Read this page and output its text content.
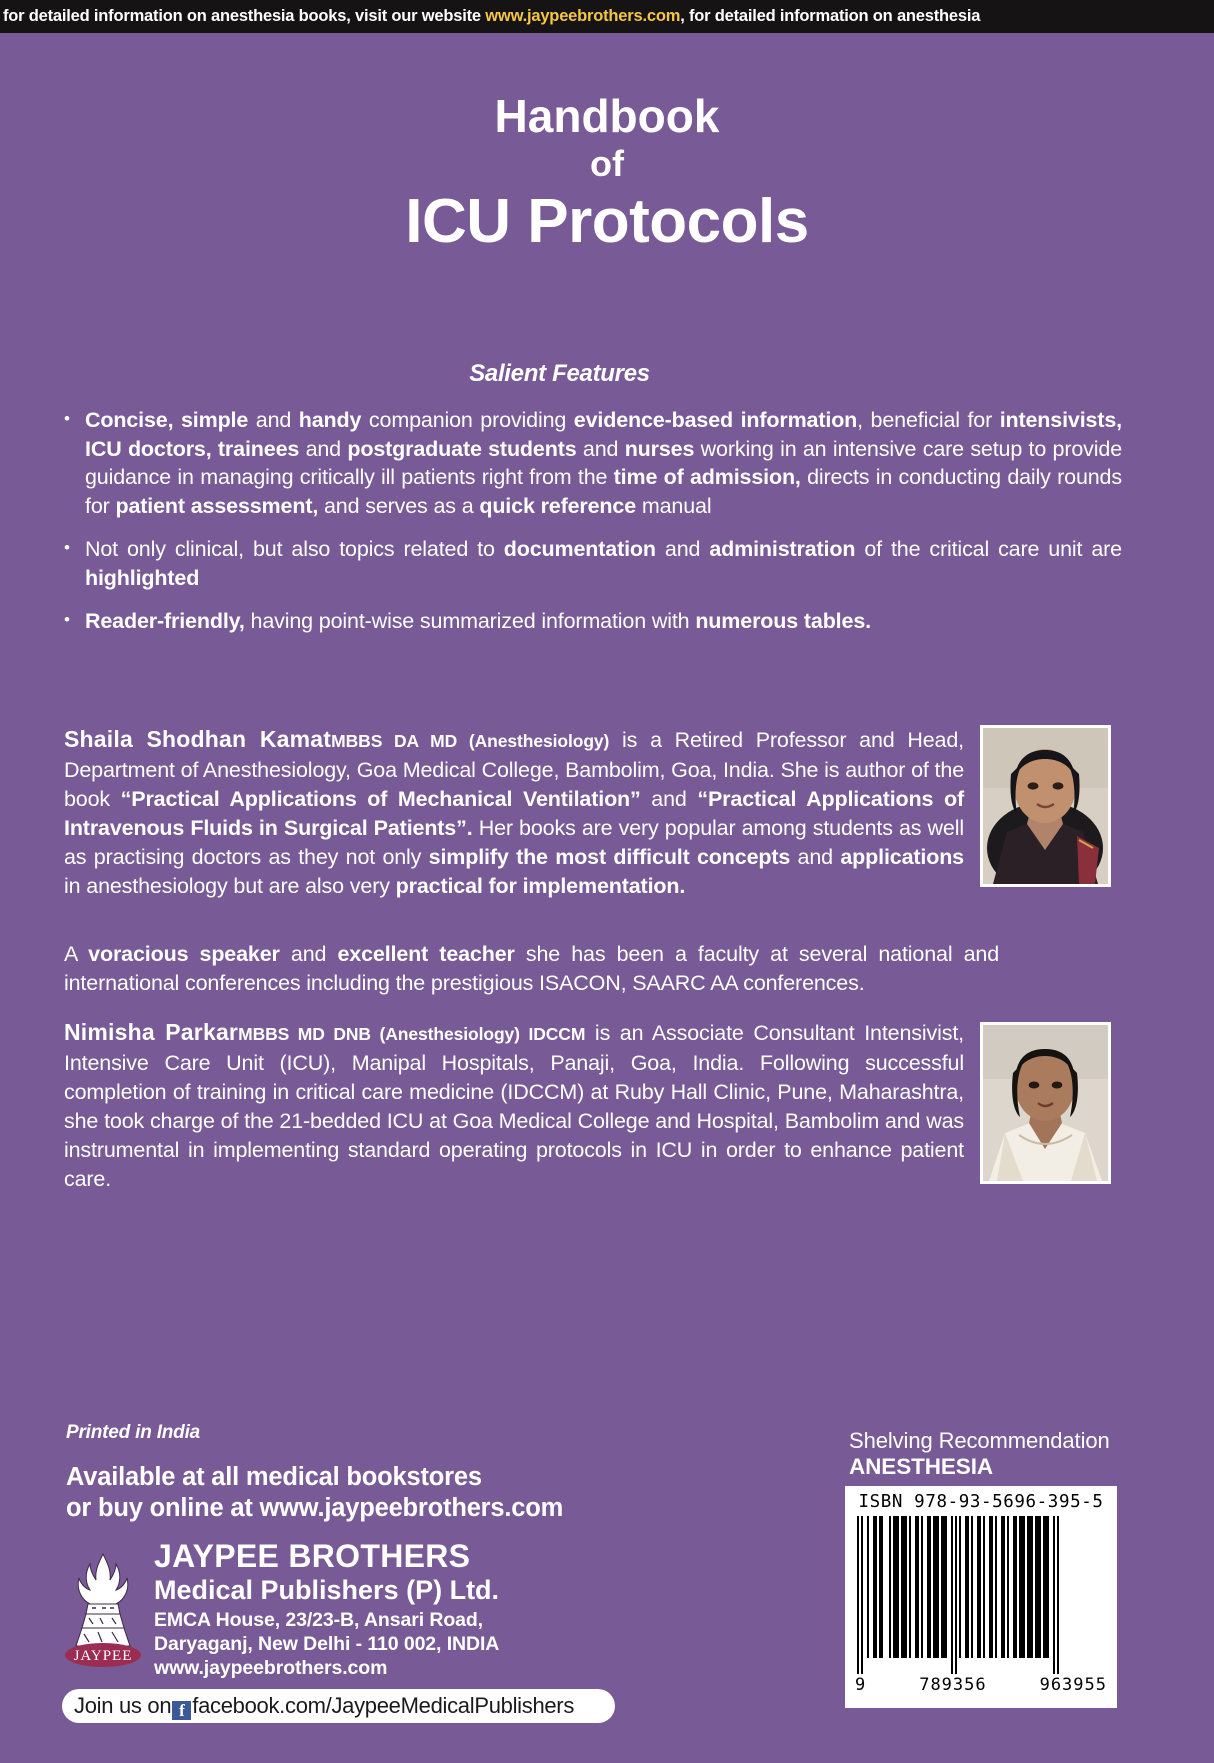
for detailed information on anesthesia books, visit our website www.jaypeebrothers.com, for detailed information on anesthesia
Handbook
of
ICU Protocols
Salient Features
• Concise, simple and handy companion providing evidence-based information, beneficial for intensivists, ICU doctors, trainees and postgraduate students and nurses working in an intensive care setup to provide guidance in managing critically ill patients right from the time of admission, directs in conducting daily rounds for patient assessment, and serves as a quick reference manual
• Not only clinical, but also topics related to documentation and administration of the critical care unit are highlighted
• Reader-friendly, having point-wise summarized information with numerous tables.
Shaila Shodhan KamatMBBS DA MD (Anesthesiology) is a Retired Professor and Head, Department of Anesthesiology, Goa Medical College, Bambolim, Goa, India. She is author of the book “Practical Applications of Mechanical Ventilation” and “Practical Applications of Intravenous Fluids in Surgical Patients”. Her books are very popular among students as well as practising doctors as they not only simplify the most difficult concepts and applications in anesthesiology but are also very practical for implementation.
A voracious speaker and excellent teacher she has been a faculty at several national and international conferences including the prestigious ISACON, SAARC AA conferences.
Nimisha ParkarMBBS MD DNB (Anesthesiology) IDCCM is an Associate Consultant Intensivist, Intensive Care Unit (ICU), Manipal Hospitals, Panaji, Goa, India. Following successful completion of training in critical care medicine (IDCCM) at Ruby Hall Clinic, Pune, Maharashtra, she took charge of the 21-bedded ICU at Goa Medical College and Hospital, Bambolim and was instrumental in implementing standard operating protocols in ICU in order to enhance patient care.
Printed in India
Available at all medical bookstores
or buy online at www.jaypeebrothers.com
JAYPEE
JAYPEE BROTHERS
Medical Publishers (P) Ltd.
EMCA House, 23/23-B, Ansari Road,
Daryaganj, New Delhi - 110 002, INDIA
www.jaypeebrothers.com
Join us on f facebook.com/JaypeeMedicalPublishers
Shelving Recommendation
ANESTHESIA
ISBN 978-93-5696-395-5
9	789356	963955
